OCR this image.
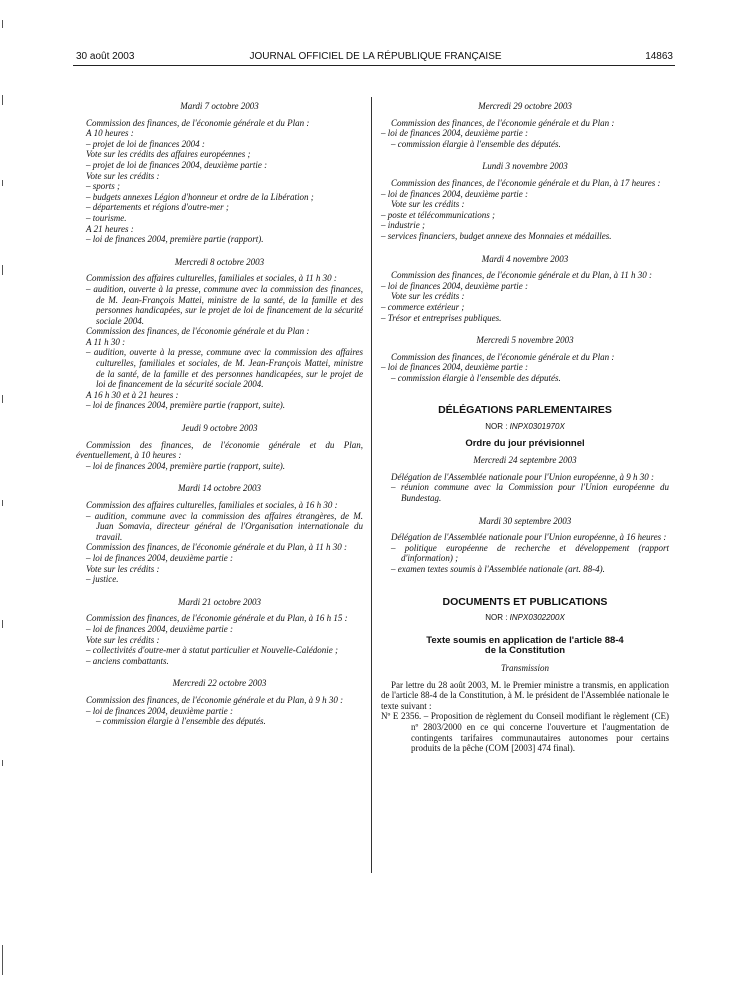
30 août 2003	JOURNAL OFFICIEL DE LA RÉPUBLIQUE FRANÇAISE	14863
Mardi 7 octobre 2003
Commission des finances, de l'économie générale et du Plan :
A 10 heures :
– projet de loi de finances 2004 :
Vote sur les crédits des affaires européennes ;
– projet de loi de finances 2004, deuxième partie :
Vote sur les crédits :
– sports ;
– budgets annexes Légion d'honneur et ordre de la Libération ;
– départements et régions d'outre-mer ;
– tourisme.
A 21 heures :
– loi de finances 2004, première partie (rapport).
Mercredi 8 octobre 2003
Commission des affaires culturelles, familiales et sociales, à 11 h 30 :
– audition, ouverte à la presse, commune avec la commission des finances, de M. Jean-François Mattei, ministre de la santé, de la famille et des personnes handicapées, sur le projet de loi de financement de la sécurité sociale 2004.
Commission des finances, de l'économie générale et du Plan :
A 11 h 30 :
– audition, ouverte à la presse, commune avec la commission des affaires culturelles, familiales et sociales, de M. Jean-François Mattei, ministre de la santé, de la famille et des personnes handicapées, sur le projet de loi de financement de la sécurité sociale 2004.
A 16 h 30 et à 21 heures :
– loi de finances 2004, première partie (rapport, suite).
Jeudi 9 octobre 2003
Commission des finances, de l'économie générale et du Plan, éventuellement, à 10 heures :
– loi de finances 2004, première partie (rapport, suite).
Mardi 14 octobre 2003
Commission des affaires culturelles, familiales et sociales, à 16 h 30 :
– audition, commune avec la commission des affaires étrangères, de M. Juan Somavia, directeur général de l'Organisation internationale du travail.
Commission des finances, de l'économie générale et du Plan, à 11 h 30 :
– loi de finances 2004, deuxième partie :
Vote sur les crédits :
– justice.
Mardi 21 octobre 2003
Commission des finances, de l'économie générale et du Plan, à 16 h 15 :
– loi de finances 2004, deuxième partie :
Vote sur les crédits :
– collectivités d'outre-mer à statut particulier et Nouvelle-Calédonie ;
– anciens combattants.
Mercredi 22 octobre 2003
Commission des finances, de l'économie générale et du Plan, à 9 h 30 :
– loi de finances 2004, deuxième partie :
– commission élargie à l'ensemble des députés.
Mercredi 29 octobre 2003
Commission des finances, de l'économie générale et du Plan :
– loi de finances 2004, deuxième partie :
– commission élargie à l'ensemble des députés.
Lundi 3 novembre 2003
Commission des finances, de l'économie générale et du Plan, à 17 heures :
– loi de finances 2004, deuxième partie :
Vote sur les crédits :
– poste et télécommunications ;
– industrie ;
– services financiers, budget annexe des Monnaies et médailles.
Mardi 4 novembre 2003
Commission des finances, de l'économie générale et du Plan, à 11 h 30 :
– loi de finances 2004, deuxième partie :
Vote sur les crédits :
– commerce extérieur ;
– Trésor et entreprises publiques.
Mercredi 5 novembre 2003
Commission des finances, de l'économie générale et du Plan :
– loi de finances 2004, deuxième partie :
– commission élargie à l'ensemble des députés.
DÉLÉGATIONS PARLEMENTAIRES
NOR : INPX0301970X
Ordre du jour prévisionnel
Mercredi 24 septembre 2003
Délégation de l'Assemblée nationale pour l'Union européenne, à 9 h 30 :
– réunion commune avec la Commission pour l'Union européenne du Bundestag.
Mardi 30 septembre 2003
Délégation de l'Assemblée nationale pour l'Union européenne, à 16 heures :
– politique européenne de recherche et développement (rapport d'information) ;
– examen textes soumis à l'Assemblée nationale (art. 88-4).
DOCUMENTS ET PUBLICATIONS
NOR : INPX0302200X
Texte soumis en application de l'article 88-4 de la Constitution
Transmission
Par lettre du 28 août 2003, M. le Premier ministre a transmis, en application de l'article 88-4 de la Constitution, à M. le président de l'Assemblée nationale le texte suivant :
Nº E 2356. – Proposition de règlement du Conseil modifiant le règlement (CE) nº 2803/2000 en ce qui concerne l'ouverture et l'augmentation de contingents tarifaires communautaires autonomes pour certains produits de la pêche (COM [2003] 474 final).
